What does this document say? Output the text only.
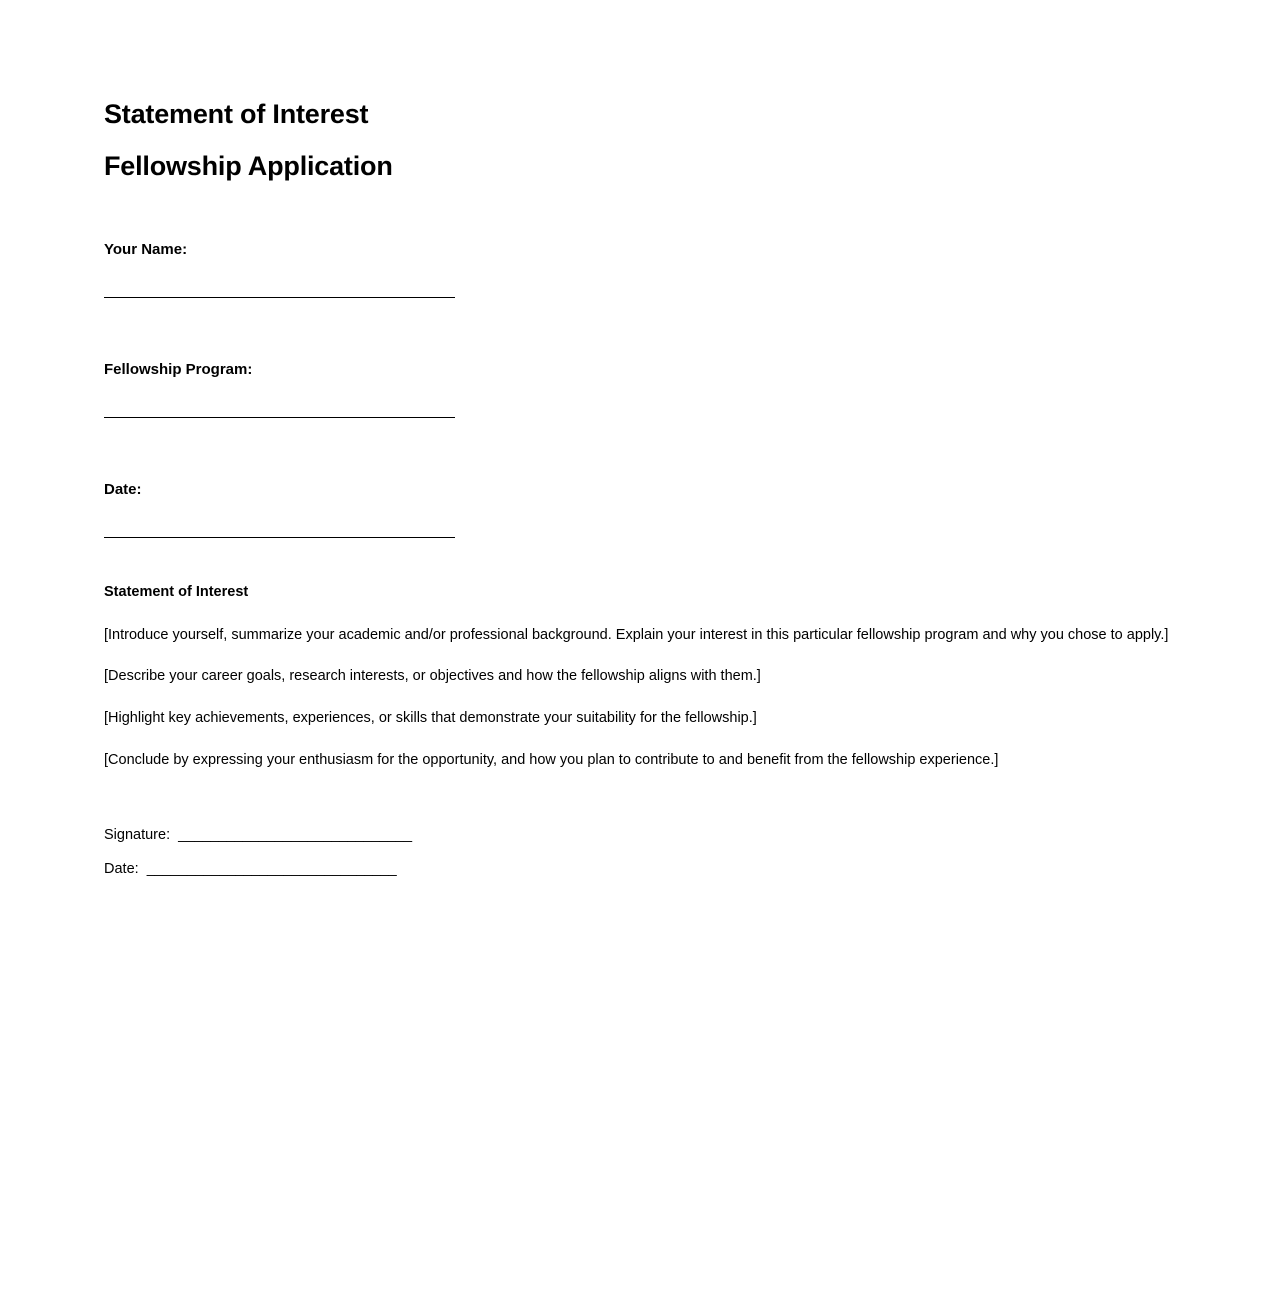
Statement of Interest
Fellowship Application

Your Name:

Fellowship Program:

Date:

Statement of Interest

[Introduce yourself, summarize your academic and/or professional background. Explain your interest in this particular fellowship program and why you chose to apply.]

[Describe your career goals, research interests, or objectives and how the fellowship aligns with them.]

[Highlight key achievements, experiences, or skills that demonstrate your suitability for the fellowship.]

[Conclude by expressing your enthusiasm for the opportunity, and how you plan to contribute to and benefit from the fellowship experience.]

Signature:  _____________________________

Date:  _______________________________
